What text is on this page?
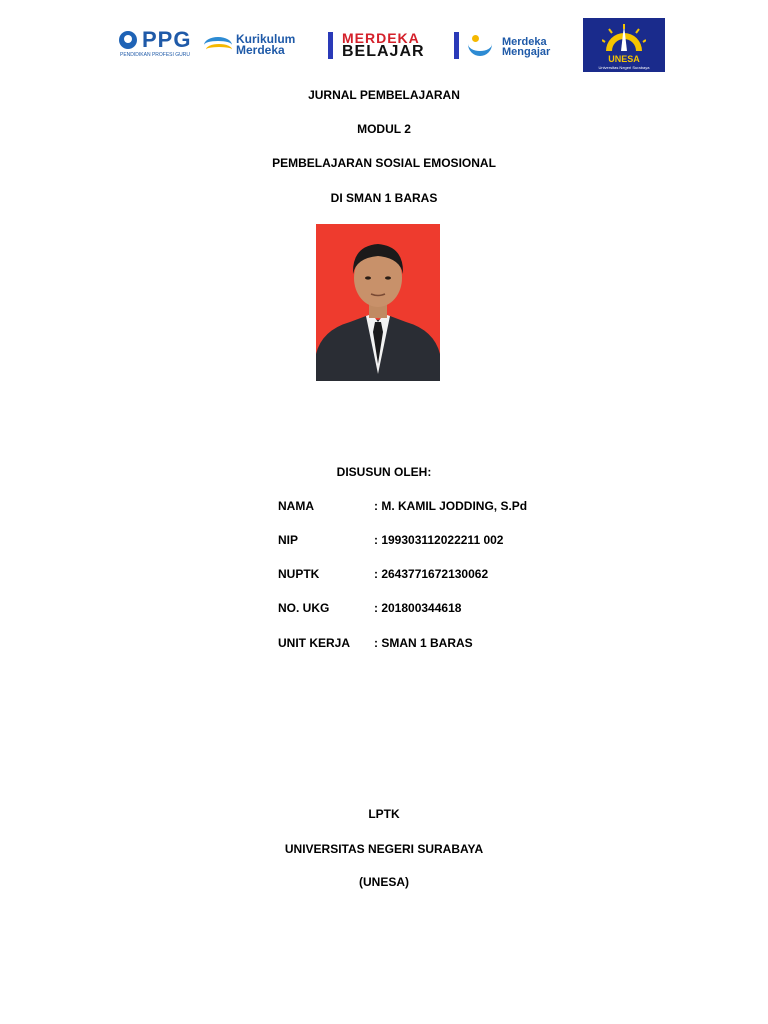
PPG
PENDIDIKAN PROFESI GURU
Kurikulum
Merdeka
MERDEKA
BELAJAR
Merdeka
Mengajar
UNESA
Universitas Negeri Surabaya
JURNAL PEMBELAJARAN
MODUL 2
PEMBELAJARAN SOSIAL EMOSIONAL
DI SMAN 1 BARAS
DISUSUN OLEH:
NAMA	: M. KAMIL JODDING, S.Pd
NIP	: 199303112022211 002
NUPTK	: 2643771672130062
NO. UKG	: 201800344618
UNIT KERJA : SMAN 1 BARAS
LPTK
UNIVERSITAS NEGERI SURABAYA
(UNESA)
